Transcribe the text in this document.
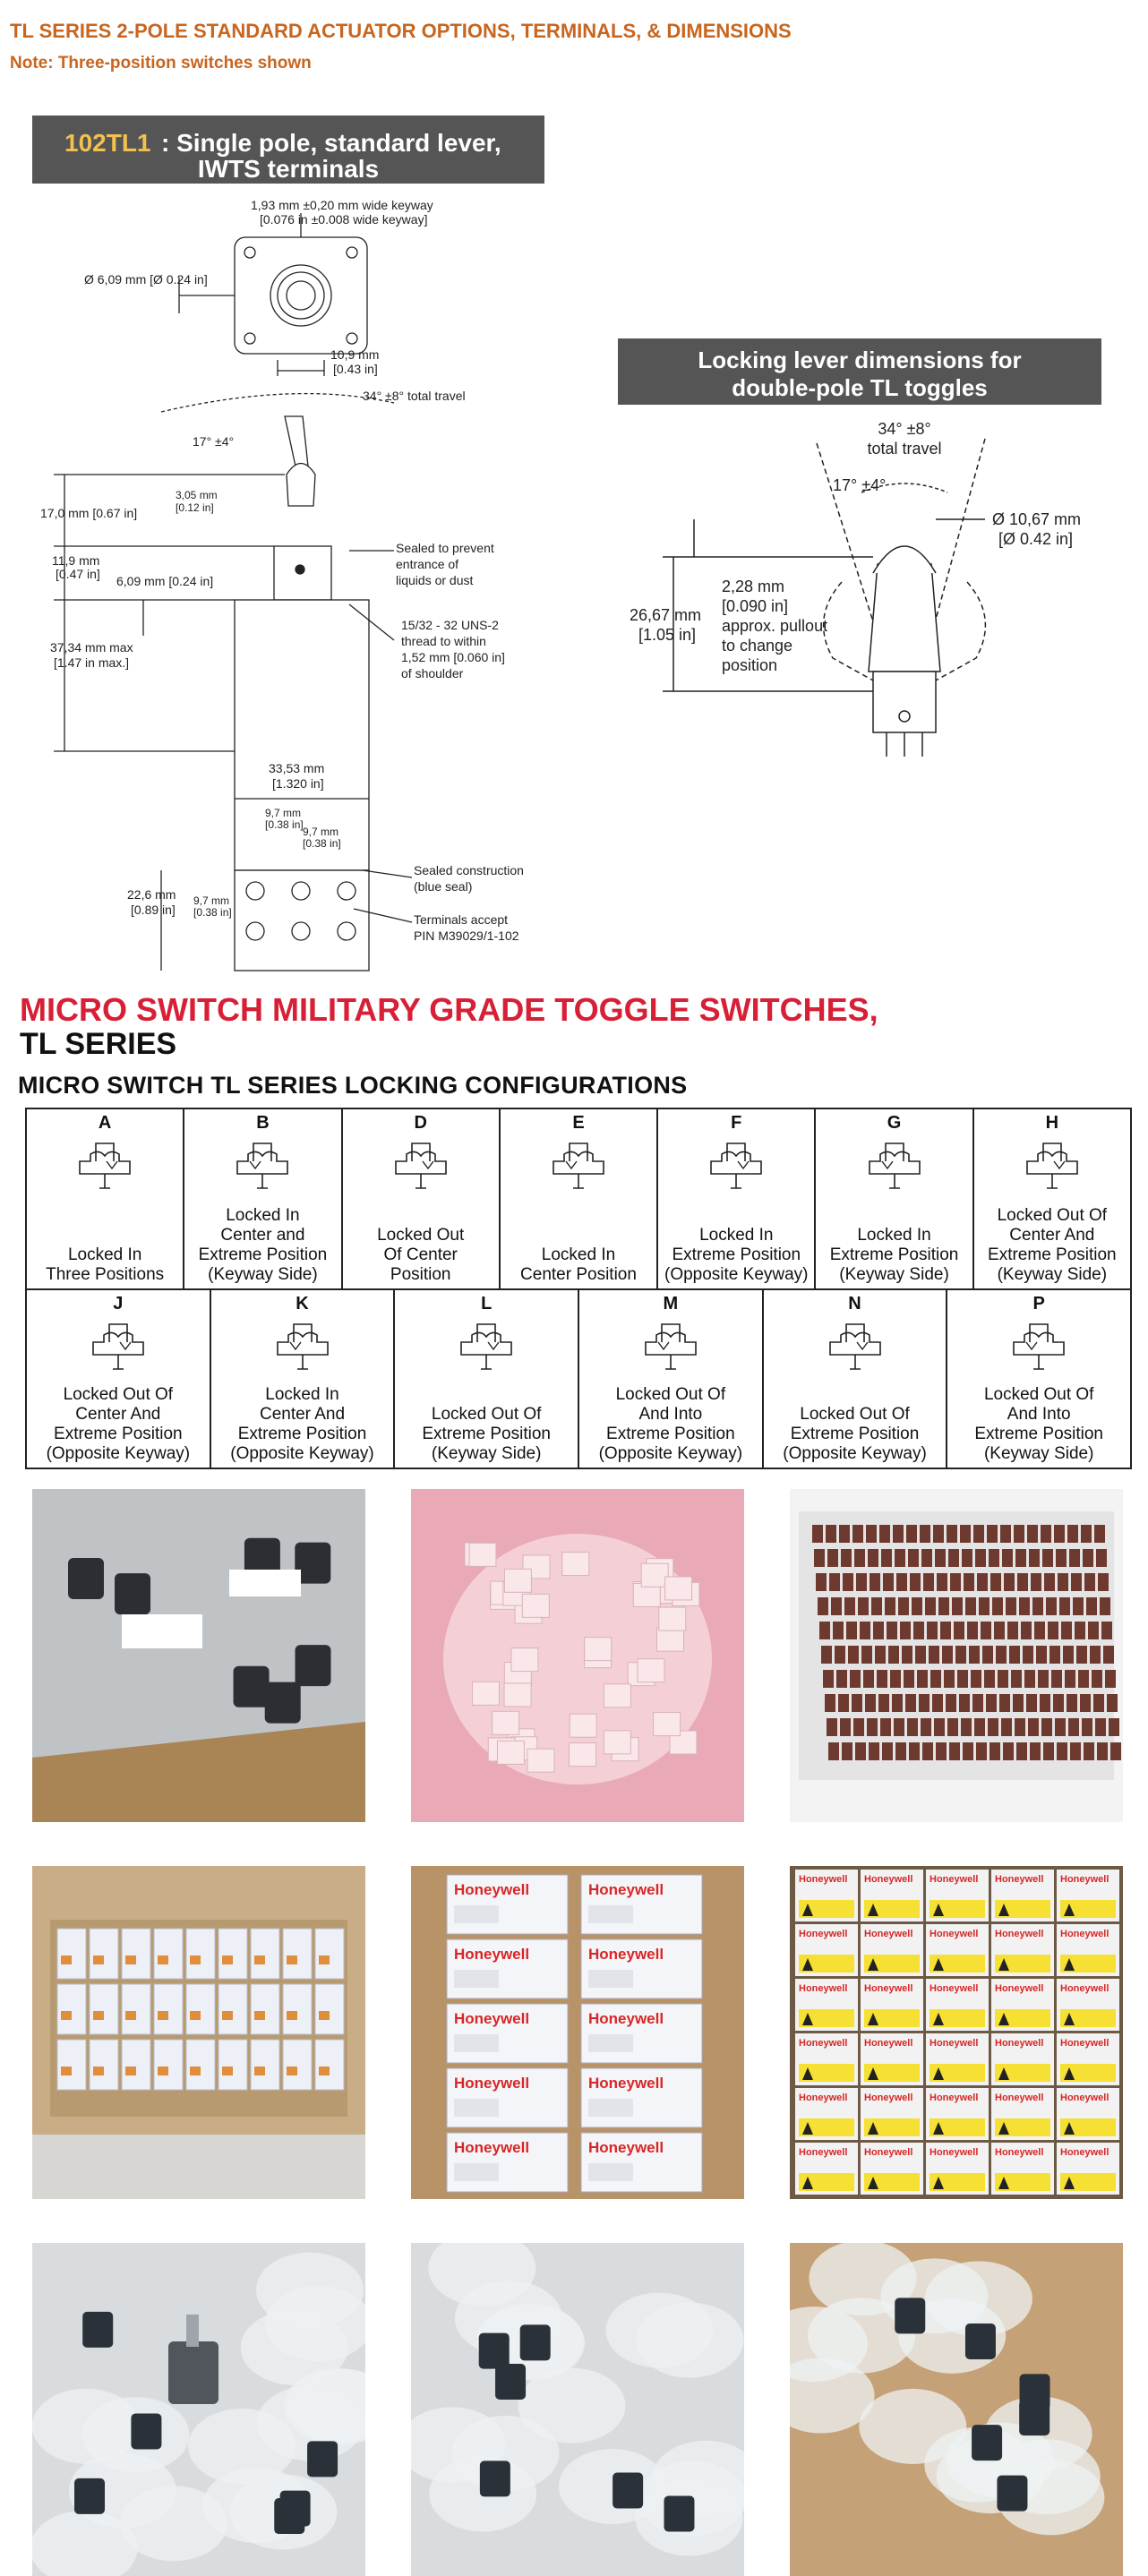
TL SERIES 2-POLE STANDARD ACTUATOR OPTIONS, TERMINALS, & DIMENSIONS
Note: Three-position switches shown
102TL1 : Single pole, standard lever,
IWTS terminals
1,93 mm ±0,20 mm wide keyway
[0.076 in ±0.008 wide keyway]
Ø 6,09 mm [Ø 0.24 in]
10,9 mm
[0.43 in]
34° ±8° total travel
17° ±4°
17,0 mm [0.67 in]
3,05 mm
[0.12 in]
11,9 mm
[0.47 in] 6,09 mm [0.24 in]
Sealed to prevent
entrance of
liquids or dust
15/32 - 32 UNS-2
thread to within
1,52 mm [0.060 in]
of shoulder
37,34 mm max
[1.47 in max.]
33,53 mm
[1.320 in]
9,7 mm
[0.38 in]
9,7 mm
[0.38 in]
9,7 mm
[0.38 in]
22,6 mm
[0.89 in]
Sealed construction
(blue seal)
Terminals accept
PIN M39029/1-102
Locking lever dimensions for
double-pole TL toggles
34° ±8°
total travel
17° ±4°
Ø 10,67 mm
[Ø 0.42 in]
2,28 mm
[0.090 in]
approx. pullout
to change
position
26,67 mm
[1.05 in]
MICRO SWITCH MILITARY GRADE TOGGLE SWITCHES,
TL SERIES
MICRO SWITCH TL SERIES LOCKING CONFIGURATIONS
A
Locked In
Three Positions
B
Locked In
Center and
Extreme Position
(Keyway Side)
D
Locked Out
Of Center
Position
E
Locked In
Center Position
F
Locked In
Extreme Position
(Opposite Keyway)
G
Locked In
Extreme Position
(Keyway Side)
H
Locked Out Of
Center And
Extreme Position
(Keyway Side)
J
Locked Out Of
Center And
Extreme Position
(Opposite Keyway)
K
Locked In
Center And
Extreme Position
(Opposite Keyway)
L
Locked Out Of
Extreme Position
(Keyway Side)
M
Locked Out Of
And Into
Extreme Position
(Opposite Keyway)
N
Locked Out Of
Extreme Position
(Opposite Keyway)
P
Locked Out Of
And Into
Extreme Position
(Keyway Side)
Honeywell	Honeywell
Honeywell	Honeywell
Honeywell	Honeywell
Honeywell	Honeywell
Honeywell	Honeywell
Honeywell Honeywell Honeywell Honeywell Honeywell
Honeywell Honeywell Honeywell Honeywell Honeywell
Honeywell Honeywell Honeywell Honeywell Honeywell
Honeywell Honeywell Honeywell Honeywell Honeywell
Honeywell Honeywell Honeywell Honeywell Honeywell
Honeywell Honeywell Honeywell Honeywell Honeywell
